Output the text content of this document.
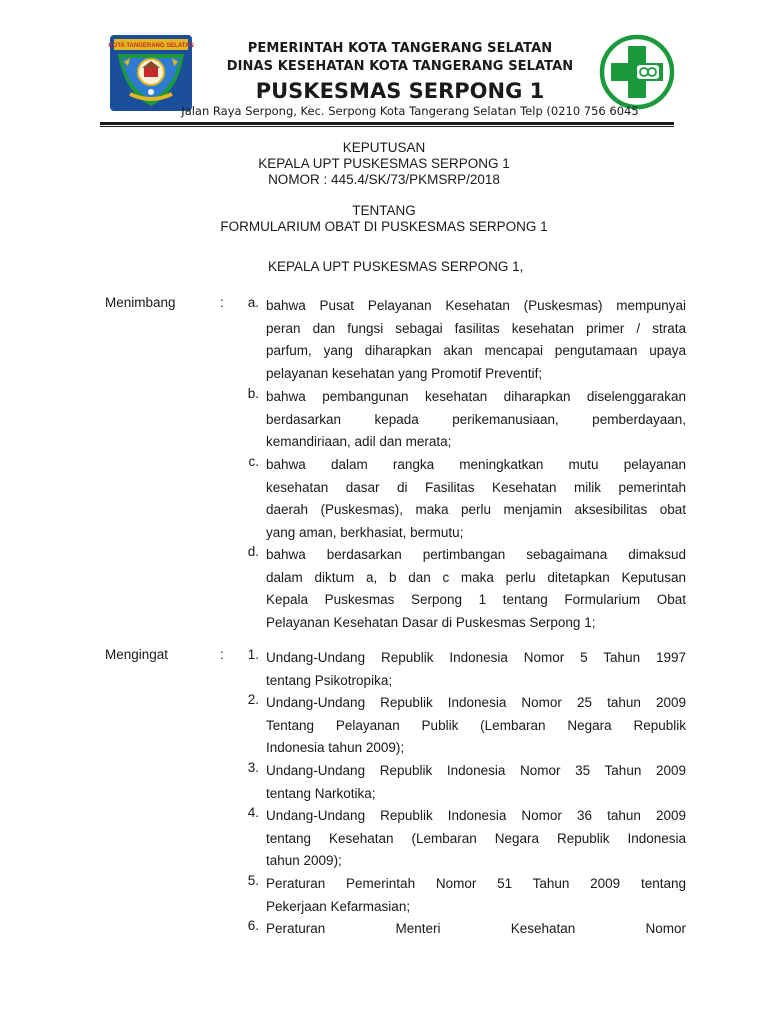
KOTA TANGERANG SELATAN	PEMERINTAH KOTA TANGERANG SELATAN
DINAS KESEHATAN KOTA TANGERANG SELATAN
PUSKESMAS SERPONG 1
Jalan Raya Serpong, Kec. Serpong Kota Tangerang Selatan Telp (0210 756 6045
KEPUTUSAN
KEPALA UPT PUSKESMAS SERPONG 1
NOMOR : 445.4/SK/73/PKMSRP/2018
TENTANG
FORMULARIUM OBAT DI PUSKESMAS SERPONG 1
KEPALA UPT PUSKESMAS SERPONG 1,
Menimbang	:	a. bahwa Pusat Pelayanan Kesehatan (Puskesmas) mempunyai
peran dan fungsi sebagai fasilitas kesehatan primer / strata
parfum, yang diharapkan akan mencapai pengutamaan upaya
pelayanan kesehatan yang Promotif Preventif;
b. bahwa pembangunan kesehatan diharapkan diselenggarakan
berdasarkan kepada perikemanusiaan, pemberdayaan,
kemandiriaan, adil dan merata;
c. bahwa dalam rangka meningkatkan mutu pelayanan
kesehatan dasar di Fasilitas Kesehatan milik pemerintah
daerah (Puskesmas), maka perlu menjamin aksesibilitas obat
yang aman, berkhasiat, bermutu;
d. bahwa berdasarkan pertimbangan sebagaimana dimaksud
dalam diktum a, b dan c maka perlu ditetapkan Keputusan
Kepala Puskesmas Serpong 1 tentang Formularium Obat
Pelayanan Kesehatan Dasar di Puskesmas Serpong 1;
Mengingat	:	1. Undang-Undang Republik Indonesia Nomor 5 Tahun 1997
tentang Psikotropika;
2. Undang-Undang Republik Indonesia Nomor 25 tahun 2009
Tentang Pelayanan Publik (Lembaran Negara Republik
Indonesia tahun 2009);
3. Undang-Undang Republik Indonesia Nomor 35 Tahun 2009
tentang Narkotika;
4. Undang-Undang Republik Indonesia Nomor 36 tahun 2009
tentang Kesehatan (Lembaran Negara Republik Indonesia
tahun 2009);
5. Peraturan Pemerintah Nomor 51 Tahun 2009 tentang
Pekerjaan Kefarmasian;
6. Peraturan Menteri Kesehatan Nomor
